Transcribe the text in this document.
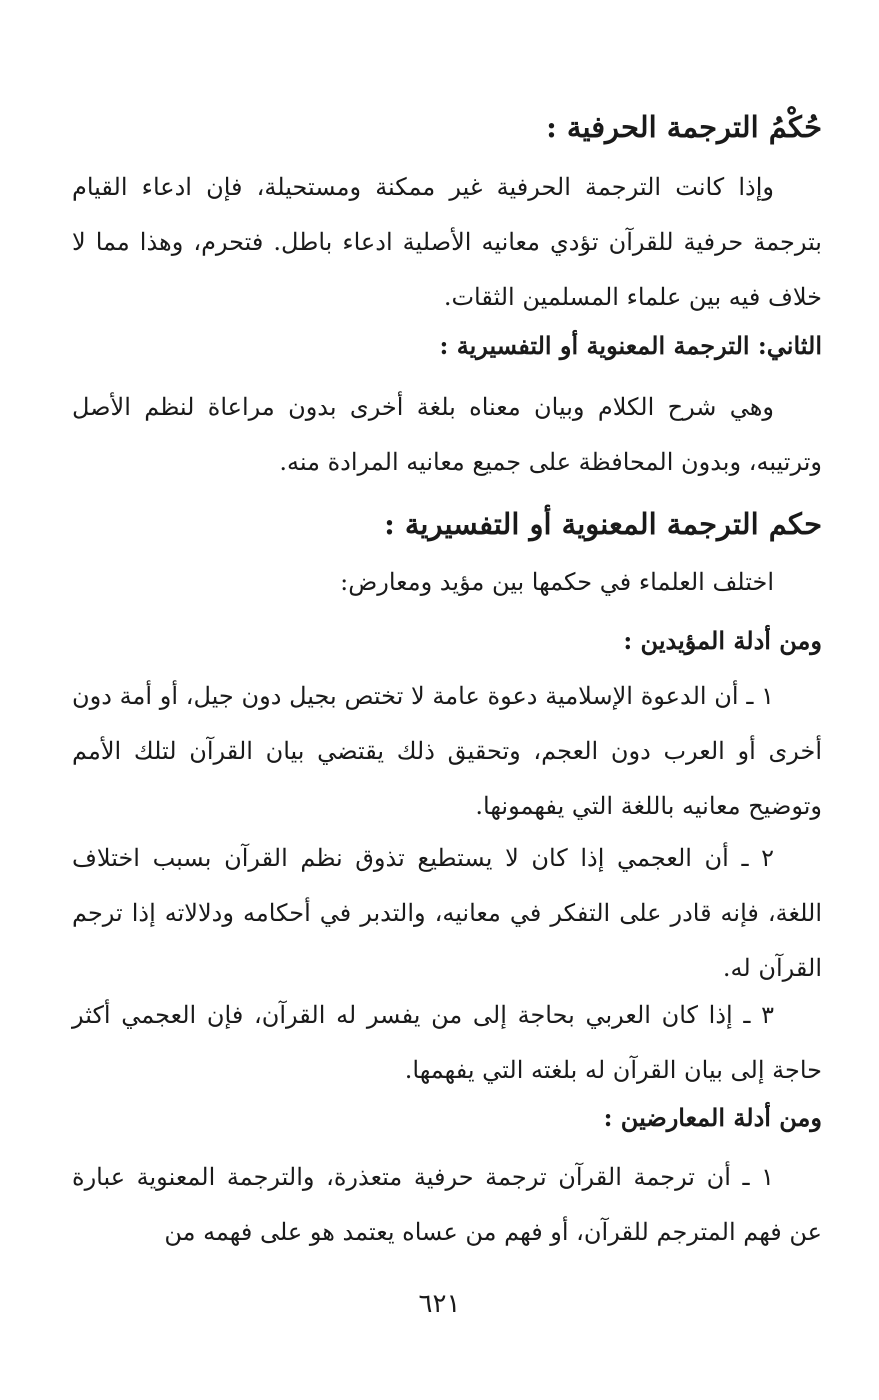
حُكْمُ الترجمة الحرفية :
وإذا كانت الترجمة الحرفية غير ممكنة ومستحيلة، فإن ادعاء القيام بترجمة حرفية للقرآن تؤدي معانيه الأصلية ادعاء باطل. فتحرم، وهذا مما لا خلاف فيه بين علماء المسلمين الثقات.
الثاني: الترجمة المعنوية أو التفسيرية :
وهي شرح الكلام وبيان معناه بلغة أخرى بدون مراعاة لنظم الأصل وترتيبه، وبدون المحافظة على جميع معانيه المرادة منه.
حكم الترجمة المعنوية أو التفسيرية :
اختلف العلماء في حكمها بين مؤيد ومعارض:
ومن أدلة المؤيدين :
١ ـ أن الدعوة الإسلامية دعوة عامة لا تختص بجيل دون جيل، أو أمة دون أخرى أو العرب دون العجم، وتحقيق ذلك يقتضي بيان القرآن لتلك الأمم وتوضيح معانيه باللغة التي يفهمونها.
٢ ـ أن العجمي إذا كان لا يستطيع تذوق نظم القرآن بسبب اختلاف اللغة، فإنه قادر على التفكر في معانيه، والتدبر في أحكامه ودلالاته إذا ترجم القرآن له.
٣ ـ إذا كان العربي بحاجة إلى من يفسر له القرآن، فإن العجمي أكثر حاجة إلى بيان القرآن له بلغته التي يفهمها.
ومن أدلة المعارضين :
١ ـ أن ترجمة القرآن ترجمة حرفية متعذرة، والترجمة المعنوية عبارة عن فهم المترجم للقرآن، أو فهم من عساه يعتمد هو على فهمه من
٦٢١
